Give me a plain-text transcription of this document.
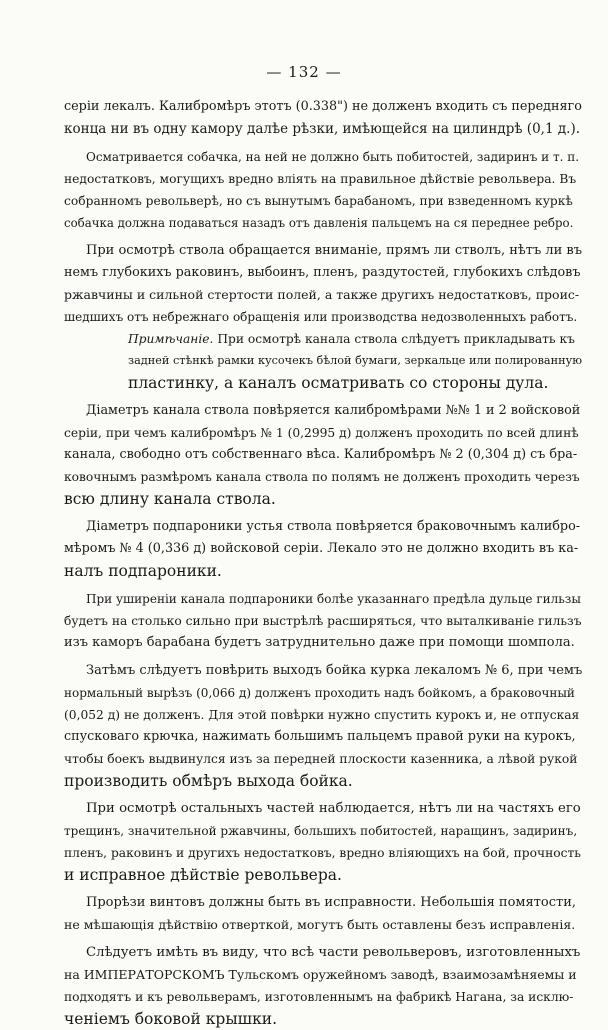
— 132 —
серіи лекалъ. Калибромѣръ этотъ (0.338") не долженъ входить съ передняго
конца ни въ одну камору далѣе рѣзки, имѣющейся на цилиндрѣ (0,1 д.).
Осматривается собачка, на ней не должно быть побитостей, задиринъ и т. п.
недостатковъ, могущихъ вредно вліять на правильное дѣйствіе револьвера. Въ
собранномъ револьверѣ, но съ вынутымъ барабаномъ, при взведенномъ куркѣ
собачка должна подаваться назадъ отъ давленія пальцемъ на ся переднее ребро.
При осмотрѣ ствола обращается вниманіе, прямъ ли стволъ, нѣтъ ли въ
немъ глубокихъ раковинъ, выбоинъ, пленъ, раздутостей, глубокихъ слѣдовъ
ржавчины и сильной стертости полей, а также другихъ недостатковъ, проис-
шедшихъ отъ небрежнаго обращенія или производства недозволенныхъ работъ.
Примѣчаніе. При осмотрѣ канала ствола слѣдуетъ прикладывать къ
задней стѣнкѣ рамки кусочекъ бѣлой бумаги, зеркальце или полированную
пластинку, а каналъ осматривать со стороны дула.
Діаметръ канала ствола повѣряется калибромѣрами №№ 1 и 2 войсковой
серіи, при чемъ калибромѣръ № 1 (0,2995 д) долженъ проходить по всей длинѣ
канала, свободно отъ собственнаго вѣса. Калибромѣръ № 2 (0,304 д) съ бра-
ковочнымъ размѣромъ канала ствола по полямъ не долженъ проходить черезъ
всю длину канала ствола.
Діаметръ подпароники устья ствола повѣряется браковочнымъ калибро-
мѣромъ № 4 (0,336 д) войсковой серіи. Лекало это не должно входить въ ка-
налъ подпароники.
При уширеніи канала подпароники болѣе указаннаго предѣла дульце гильзы
будетъ на столько сильно при выстрѣлѣ расширяться, что выталкиваніе гильзъ
изъ каморъ барабана будетъ затруднительно даже при помощи шомпола.
Затѣмъ слѣдуетъ повѣрить выходъ бойка курка лекаломъ № 6, при чемъ
нормальный вырѣзъ (0,066 д) долженъ проходить надъ бойкомъ, а браковочный
(0,052 д) не долженъ. Для этой повѣрки нужно спустить курокъ и, не отпуская
спусковаго крючка, нажимать большимъ пальцемъ правой руки на курокъ,
чтобы боекъ выдвинулся изъ за передней плоскости казенника, а лѣвой рукой
производить обмѣръ выхода бойка.
При осмотрѣ остальныхъ частей наблюдается, нѣтъ ли на частяхъ его
трещинъ, значительной ржавчины, большихъ побитостей, наращинъ, задиринъ,
пленъ, раковинъ и другихъ недостатковъ, вредно вліяющихъ на бой, прочность
и исправное дѣйствіе револьвера.
Прорѣзи винтовъ должны быть въ исправности. Небольшія помятости,
не мѣшающія дѣйствію отверткой, могутъ быть оставлены безъ исправленія.
Слѣдуетъ имѣть въ виду, что всѣ части револьверовъ, изготовленныхъ
на ИМПЕРАТОРСКОМЪ Тульскомъ оружейномъ заводѣ, взаимозамѣняемы и
подходятъ и къ револьверамъ, изготовленнымъ на фабрикѣ Нагана, за исклю-
ченіемъ боковой крышки.
